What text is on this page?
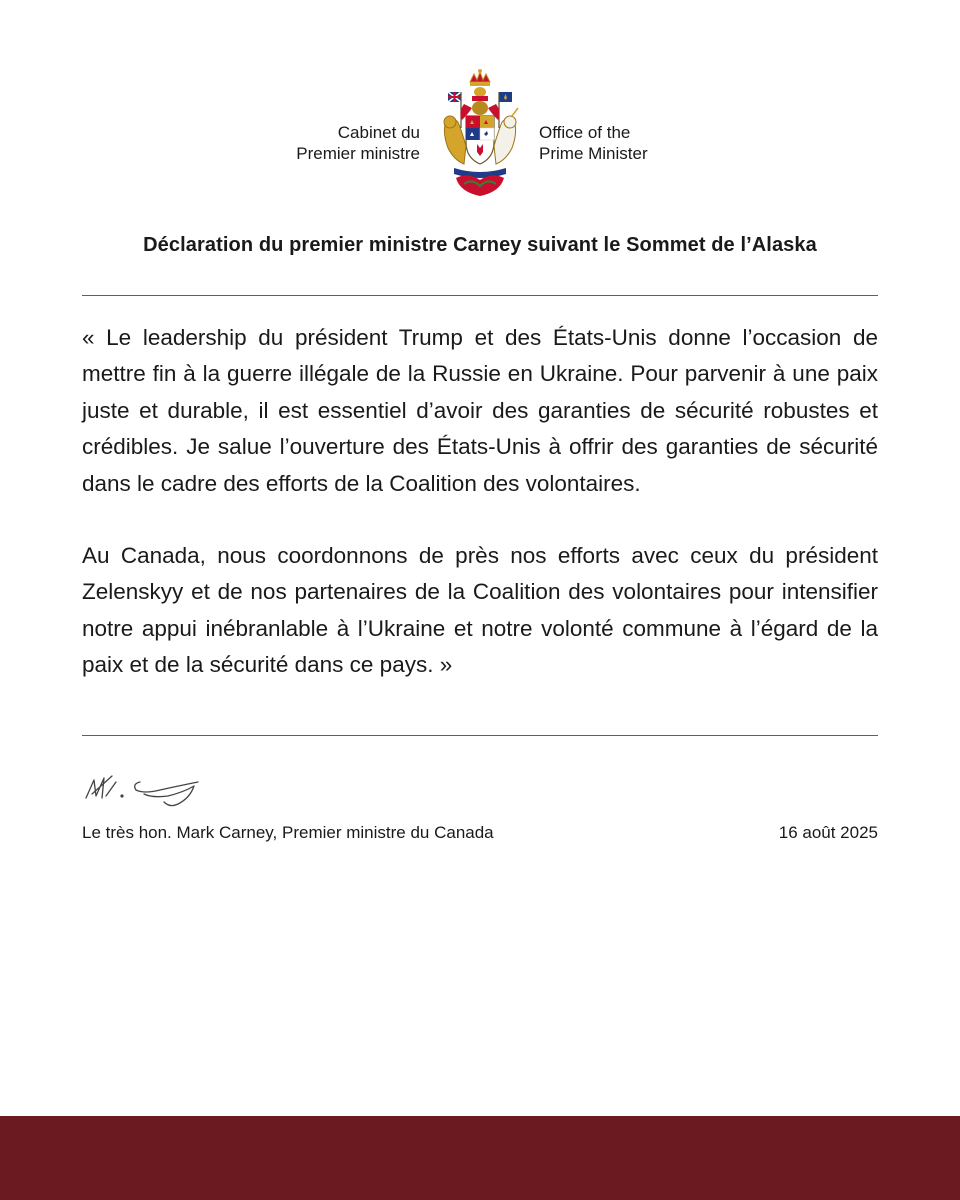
Cabinet du
Premier ministre
Office of the
Prime Minister
Déclaration du premier ministre Carney suivant le Sommet de l’Alaska

« Le leadership du président Trump et des États-Unis donne l’occasion de mettre fin à la guerre illégale de la Russie en Ukraine. Pour parvenir à une paix juste et durable, il est essentiel d’avoir des garanties de sécurité robustes et crédibles. Je salue l’ouverture des États-Unis à offrir des garanties de sécurité dans le cadre des efforts de la Coalition des volontaires.

Au Canada, nous coordonnons de près nos efforts avec ceux du président Zelenskyy et de nos partenaires de la Coalition des volontaires pour intensifier notre appui inébranlable à l’Ukraine et notre volonté commune à l’égard de la paix et de la sécurité dans ce pays. »

Le très hon. Mark Carney, Premier ministre du Canada	16 août 2025
